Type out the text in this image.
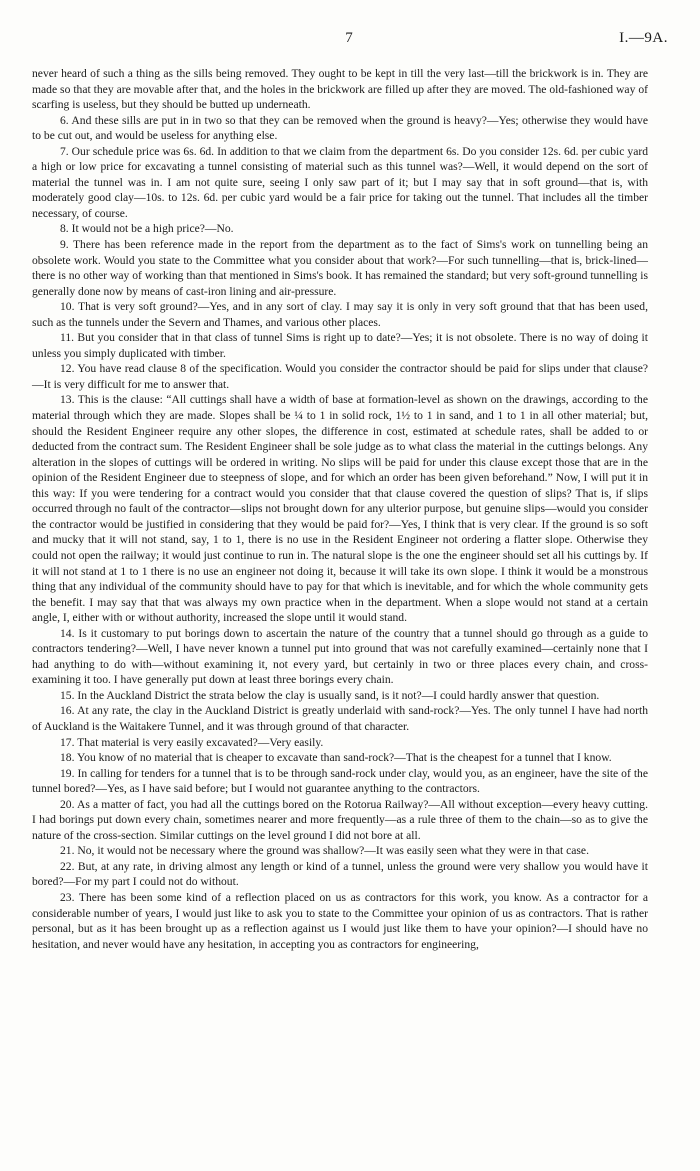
7	I.—9A.

never heard of such a thing as the sills being removed. They ought to be kept in till the very last—till the brickwork is in. They are made so that they are movable after that, and the holes in the brickwork are filled up after they are moved. The old-fashioned way of scarfing is useless, but they should be butted up underneath.

6. And these sills are put in in two so that they can be removed when the ground is heavy?—Yes; otherwise they would have to be cut out, and would be useless for anything else.

7. Our schedule price was 6s. 6d. In addition to that we claim from the department 6s. Do you consider 12s. 6d. per cubic yard a high or low price for excavating a tunnel consisting of material such as this tunnel was?—Well, it would depend on the sort of material the tunnel was in. I am not quite sure, seeing I only saw part of it; but I may say that in soft ground—that is, with moderately good clay—10s. to 12s. 6d. per cubic yard would be a fair price for taking out the tunnel. That includes all the timber necessary, of course.

8. It would not be a high price?—No.

9. There has been reference made in the report from the department as to the fact of Sims's work on tunnelling being an obsolete work. Would you state to the Committee what you consider about that work?—For such tunnelling—that is, brick-lined—there is no other way of working than that mentioned in Sims's book. It has remained the standard; but very soft-ground tunnelling is generally done now by means of cast-iron lining and air-pressure.

10. That is very soft ground?—Yes, and in any sort of clay. I may say it is only in very soft ground that that has been used, such as the tunnels under the Severn and Thames, and various other places.

11. But you consider that in that class of tunnel Sims is right up to date?—Yes; it is not obsolete. There is no way of doing it unless you simply duplicated with timber.

12. You have read clause 8 of the specification. Would you consider the contractor should be paid for slips under that clause?—It is very difficult for me to answer that.

13. This is the clause: “All cuttings shall have a width of base at formation-level as shown on the drawings, according to the material through which they are made. Slopes shall be ¼ to 1 in solid rock, 1½ to 1 in sand, and 1 to 1 in all other material; but, should the Resident Engineer require any other slopes, the difference in cost, estimated at schedule rates, shall be added to or deducted from the contract sum. The Resident Engineer shall be sole judge as to what class the material in the cuttings belongs. Any alteration in the slopes of cuttings will be ordered in writing. No slips will be paid for under this clause except those that are in the opinion of the Resident Engineer due to steepness of slope, and for which an order has been given beforehand.” Now, I will put it in this way: If you were tendering for a contract would you consider that that clause covered the question of slips? That is, if slips occurred through no fault of the contractor—slips not brought down for any ulterior purpose, but genuine slips—would you consider the contractor would be justified in considering that they would be paid for?—Yes, I think that is very clear. If the ground is so soft and mucky that it will not stand, say, 1 to 1, there is no use in the Resident Engineer not ordering a flatter slope. Otherwise they could not open the railway; it would just continue to run in. The natural slope is the one the engineer should set all his cuttings by. If it will not stand at 1 to 1 there is no use an engineer not doing it, because it will take its own slope. I think it would be a monstrous thing that any individual of the community should have to pay for that which is inevitable, and for which the whole community gets the benefit. I may say that that was always my own practice when in the department. When a slope would not stand at a certain angle, I, either with or without authority, increased the slope until it would stand.

14. Is it customary to put borings down to ascertain the nature of the country that a tunnel should go through as a guide to contractors tendering?—Well, I have never known a tunnel put into ground that was not carefully examined—certainly none that I had anything to do with—without examining it, not every yard, but certainly in two or three places every chain, and cross-examining it too. I have generally put down at least three borings every chain.

15. In the Auckland District the strata below the clay is usually sand, is it not?—I could hardly answer that question.

16. At any rate, the clay in the Auckland District is greatly underlaid with sand-rock?—Yes. The only tunnel I have had north of Auckland is the Waitakere Tunnel, and it was through ground of that character.

17. That material is very easily excavated?—Very easily.

18. You know of no material that is cheaper to excavate than sand-rock?—That is the cheapest for a tunnel that I know.

19. In calling for tenders for a tunnel that is to be through sand-rock under clay, would you, as an engineer, have the site of the tunnel bored?—Yes, as I have said before; but I would not guarantee anything to the contractors.

20. As a matter of fact, you had all the cuttings bored on the Rotorua Railway?—All without exception—every heavy cutting. I had borings put down every chain, sometimes nearer and more frequently—as a rule three of them to the chain—so as to give the nature of the cross-section. Similar cuttings on the level ground I did not bore at all.

21. No, it would not be necessary where the ground was shallow?—It was easily seen what they were in that case.

22. But, at any rate, in driving almost any length or kind of a tunnel, unless the ground were very shallow you would have it bored?—For my part I could not do without.

23. There has been some kind of a reflection placed on us as contractors for this work, you know. As a contractor for a considerable number of years, I would just like to ask you to state to the Committee your opinion of us as contractors. That is rather personal, but as it has been brought up as a reflection against us I would just like them to have your opinion?—I should have no hesitation, and never would have any hesitation, in accepting you as contractors for engineering,
